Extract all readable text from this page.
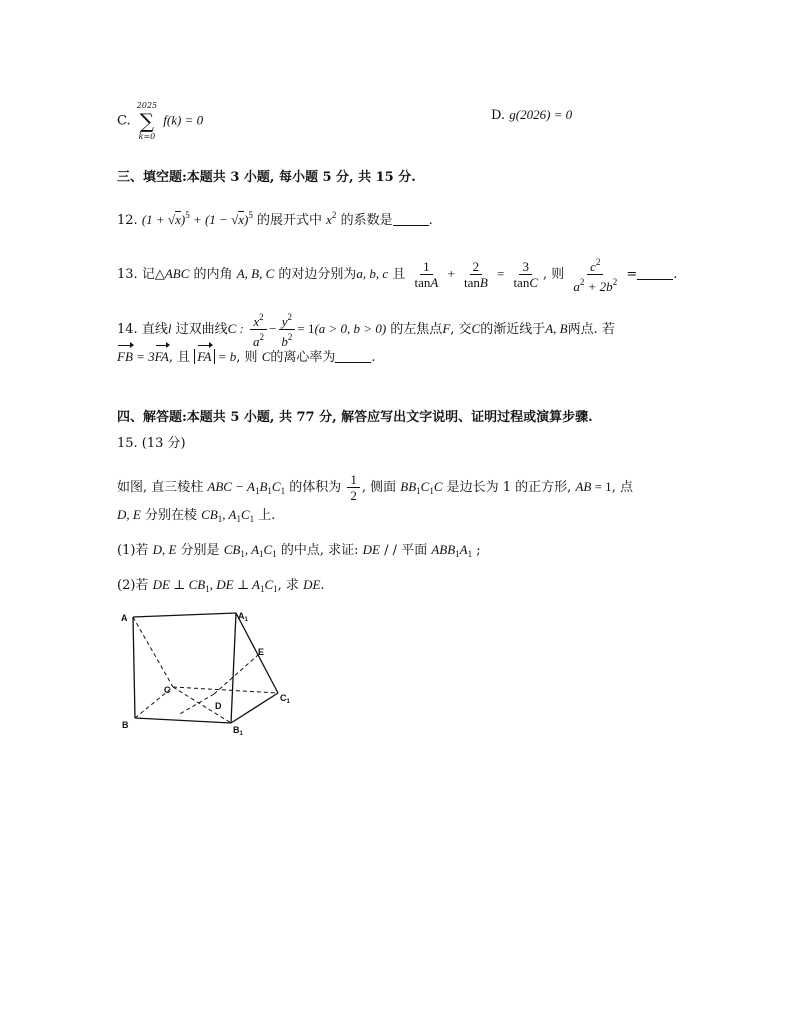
C.
2025
∑
k=0
f(k) = 0	D. g(2026) = 0
三、填空题:本题共 3 小题, 每小题 5 分, 共 15 分.
12. $(1 + √x)^5 + (1 - √x)^5$ 的展开式中 $x^2$ 的系数是	.
13. 记△ABC 的内角 A, B, C 的对边分别为a, b, c 且 $\frac{1}{\tan A} + \frac{2}{\tan B} = \frac{3}{\tan C}$ , 则 $\frac{c^2}{a^2 + 2b^2}$ =	.
14. 直线l 过双曲线C : $\frac{x^2}{a^2} - \frac{y^2}{b^2} = 1(a > 0$, b > 0) 的左焦点F, 交C的渐近线于A, B两点. 若
FB = 3FA, 且 FA = b, 则 C的离心率为	.
四、解答题:本题共 5 小题, 共 77 分, 解答应写出文字说明、证明过程或演算步骤.
15. (13 分)
如图, 直三棱柱 ABC − $A_1B_1C_1$ 的体积为 $\frac{1}{2}$ , 侧面 $BB_1C_1C$ 是边长为 1 的正方形, AB = 1, 点
D, E 分别在棱 $CB_1$, $A_1C_1$ 上.
(1)若 D, E 分别是 $CB_1$, $A_1C_1$ 的中点, 求证: DE / / 平面 $ABB_1A_1$ ;
(2)若 DE ⊥ $CB_1$, DE ⊥ $A_1C_1$, 求 DE.
A	$A_1$
E
C
$C_1$
D
B	$B_1$
